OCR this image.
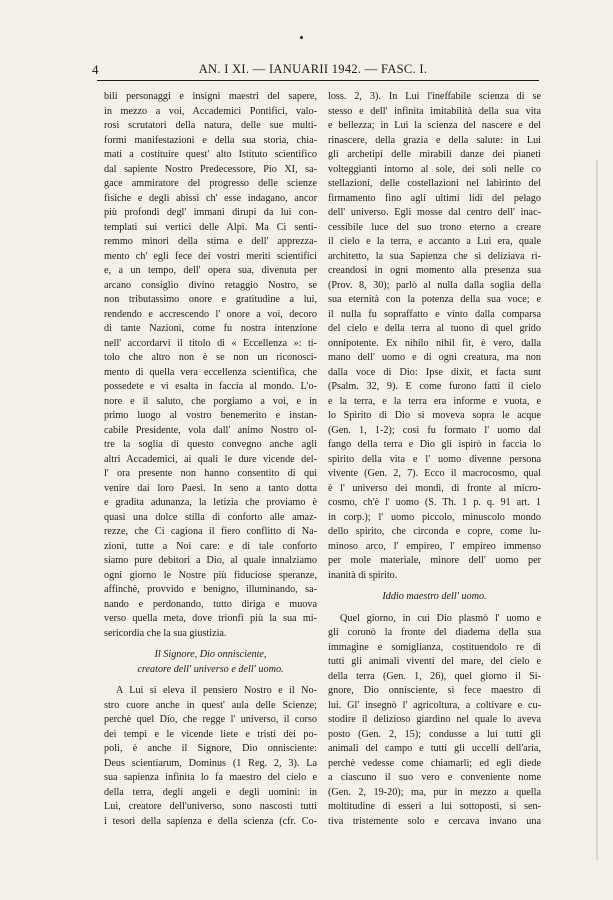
4	AN. I XI. — IANUARII 1942. — FASC. I.
bili personaggi e insigni maestri del sapere,
in mezzo a voi, Accademici Pontifici, valo-
rosi scrutatori della natura, delle sue multi-
formi manifestazioni e della sua storia, chia-
mati a costituire quest' alto Istituto scientifico
dal sapiente Nostro Predecessore, Pio XI, sa-
gace ammiratore del progresso delle scienze
fisiche e degli abissi ch' esse indagano, ancor
più profondi degl' immani dirupi da lui con-
templati sui vertici delle Alpi. Ma Ci senti-
remmo minori della stima e dell' apprezza-
mento ch' egli fece dei vostri meriti scientifici
e, a un tempo, dell' opera sua, divenuta per
arcano consiglio divino retaggio Nostro, se
non tributassimo onore e gratitudine a lui,
rendendo e accrescendo l' onore a voi, decoro
di tante Nazioni, come fu nostra intenzione
nell' accordarvi il titolo di « Eccellenza »: ti-
tolo che altro non è se non un riconosci-
mento di quella vera eccellenza scientifica, che
possedete e vi esalta in faccia al mondo. L'o-
nore e il saluto, che porgiamo a voi, e in
primo luogo al vostro benemerito e instan-
cabile Presidente, vola dall' animo Nostro ol-
tre la soglia di questo convegno anche agli
altri Accademici, ai quali le dure vicende del-
l' ora presente non hanno consentito di qui
venire dai loro Paesi. In seno a tanto dotta
e gradita adunanza, la letizia che proviamo è
quasi una dolce stilla di conforto alle amaz-
rezze, che Ci cagiona il fiero conflitto di Na-
zioni, tutte a Noi care: e di tale conforto
siamo pure debitori a Dio, al quale innalziamo
ogni giorno le Nostre più fiduciose speranze,
affinchè, provvido e benigno, illuminando, sa-
nando e perdonando, tutto diriga e muova
verso quella meta, dove trionfi più la sua mi-
sericordia che la sua giustizia.
Il Signore, Dio onnisciente,
creatore dell' universo e dell' uomo.
A Lui si eleva il pensiero Nostro e il No-
stro cuore anche in quest' aula delle Scienze;
perchè quel Dio, che regge l' universo, il corso
dei tempi e le vicende liete e tristi dei po-
poli, è anche il Signore, Dio onnisciente:
Deus scientiarum, Dominus (1 Reg. 2, 3). La
sua sapienza infinita lo fa maestro del cielo e
della terra, degli angeli e degli uomini: in
Lui, creatore dell'universo, sono nascosti tutti
i tesori della sapienza e della scienza (cfr. Co-
loss. 2, 3). In Lui l'ineffabile scienza di se
stesso e dell' infinita imitabilità della sua vita
e bellezza; in Lui la scienza del nascere e del
rinascere, della grazia e della salute: in Lui
gli archetipi delle mirabili danze dei pianeti
volteggianti intorno al sole, dei soli nelle co
stellazioni, delle costellazioni nel labirinto del
firmamento fino agli ultimi lidi del pelago
dell' universo. Egli mosse dal centro dell' inac-
cessibile luce del suo trono eterno a creare
il cielo e la terra, e accanto a Lui era, quale
architetto, la sua Sapienza che si deliziava ri-
creandosi in ogni momento alla presenza sua
(Prov. 8, 30); parlò al nulla dalla soglia della
sua eternità con la potenza della sua voce; e
il nulla fu sopraffatto e vinto dalla comparsa
del cielo e della terra al tuono di quel grido
onnipotente. Ex nihilo nihil fit, è vero, dalla
mano dell' uomo e di ogni creatura, ma non
dalla voce di Dio: Ipse dixit, et facta sunt
(Psalm. 32, 9). E come furono fatti il cielo
e la terra, e la terra era informe e vuota, e
lo Spirito di Dio si moveva sopra le acque
(Gen. 1, 1-2); così fu formato l' uomo dal
fango della terra e Dio gli ispirò in faccia lo
spirito della vita e l' uomo divenne persona
vivente (Gen. 2, 7). Ecco il macrocosmo, qual
è l' universo dei mondi, di fronte al micro-
cosmo, ch'è l' uomo (S. Th. 1 p. q. 91 art. 1
in corp.); l' uomo piccolo, minuscolo mondo
dello spirito, che circonda e copre, come lu-
minoso arco, l' empireo, l' empireo immenso
per mole materiale, minore dell' uomo per
inanità di spirito.
Iddio maestro dell' uomo.
Quel giorno, in cui Dio plasmò l' uomo e
gli coronò la fronte del diadema della sua
immagine e somiglianza, costituendolo re di
tutti gli animali viventi del mare, del cielo e
della terra (Gen. 1, 26), quel giorno il Si-
gnore, Dio onnisciente, si fece maestro di
lui. Gl' insegnò l' agricoltura, a coltivare e cu-
stodire il delizioso giardino nel quale lo aveva
posto (Gen. 2, 15); condusse a lui tutti gli
animali del campo e tutti gli uccelli dell'aria,
perchè vedesse come chiamarli; ed egli diede
a ciascuno il suo vero e conveniente nome
(Gen. 2, 19-20); ma, pur in mezzo a quella
moltitudine di esseri a lui sottoposti, si sen-
tiva tristemente solo e cercava invano una
